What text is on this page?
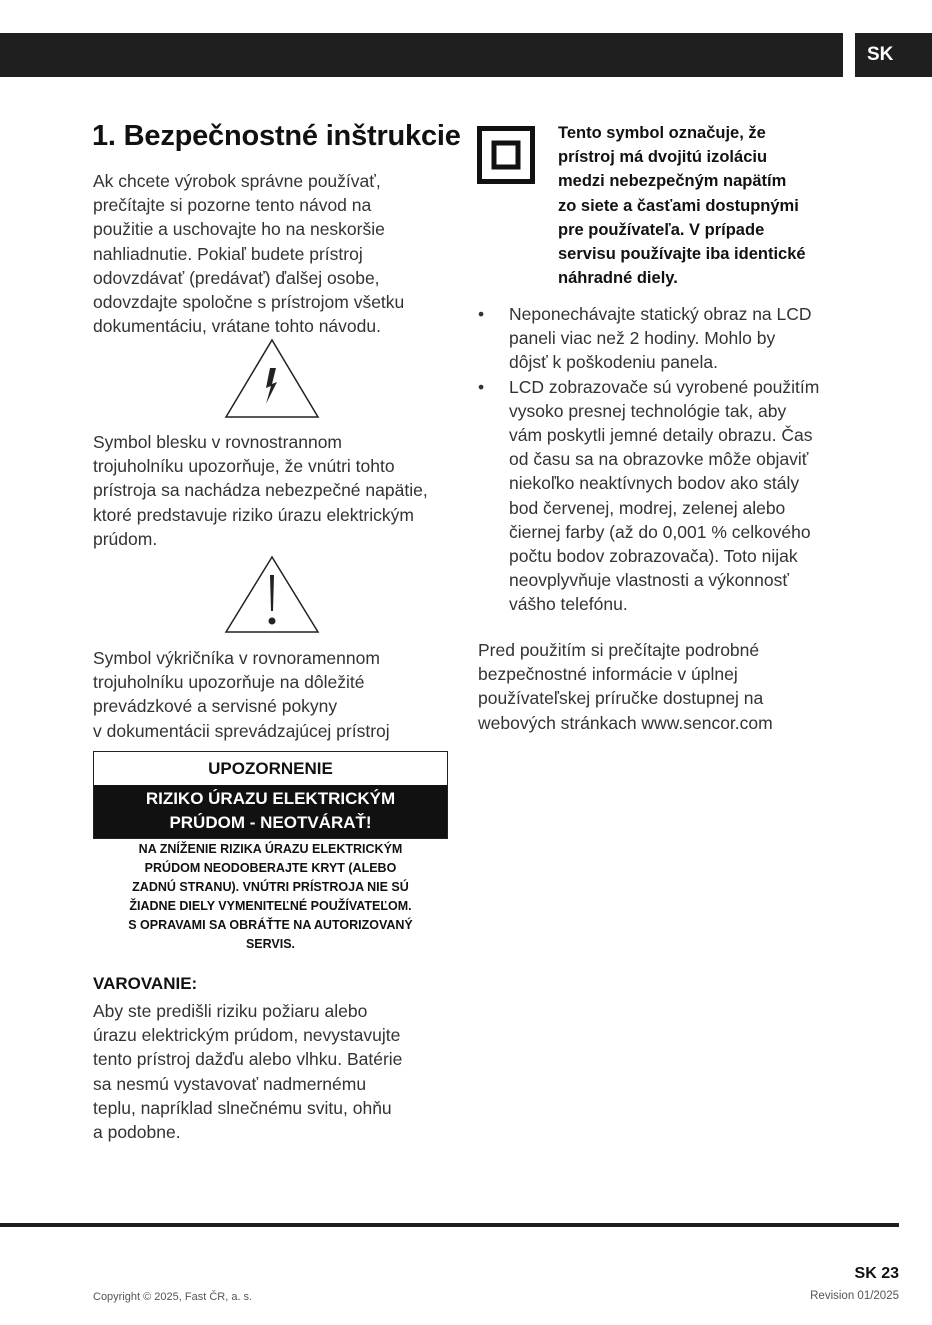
SK
1. Bezpečnostné inštrukcie

Ak chcete výrobok správne používať,
prečítajte si pozorne tento návod na
použitie a uschovajte ho na neskoršie
nahliadnutie. Pokiaľ budete prístroj
odovzdávať (predávať) ďalšej osobe,
odovzdajte spoločne s prístrojom všetku
dokumentáciu, vrátane tohto návodu.

Symbol blesku v rovnostrannom
trojuholníku upozorňuje, že vnútri tohto
prístroja sa nachádza nebezpečné napätie,
ktoré predstavuje riziko úrazu elektrickým
prúdom.

Symbol výkričníka v rovnoramennom
trojuholníku upozorňuje na dôležité
prevádzkové a servisné pokyny
v dokumentácii sprevádzajúcej prístroj

UPOZORNENIE
RIZIKO ÚRAZU ELEKTRICKÝM
PRÚDOM - NEOTVÁRAŤ!
NA ZNÍŽENIE RIZIKA ÚRAZU ELEKTRICKÝM
PRÚDOM NEODOBERAJTE KRYT (ALEBO
ZADNÚ STRANU). VNÚTRI PRÍSTROJA NIE SÚ
ŽIADNE DIELY VYMENITEĽNÉ POUŽÍVATEĽOM.
S OPRAVAMI SA OBRÁŤTE NA AUTORIZOVANÝ
SERVIS.
VAROVANIE:

Aby ste predišli riziku požiaru alebo
úrazu elektrickým prúdom, nevystavujte
tento prístroj dažďu alebo vlhku. Batérie
sa nesmú vystavovať nadmernému
teplu, napríklad slnečnému svitu, ohňu
a podobne.

Tento symbol označuje, že
prístroj má dvojitú izoláciu
medzi nebezpečným napätím
zo siete a časťami dostupnými
pre používateľa. V prípade
servisu používajte iba identické
náhradné diely.

• Neponechávajte statický obraz na LCD
paneli viac než 2 hodiny. Mohlo by
dôjsť k poškodeniu panela.
• LCD zobrazovače sú vyrobené použitím
vysoko presnej technológie tak, aby
vám poskytli jemné detaily obrazu. Čas
od času sa na obrazovke môže objaviť
niekoľko neaktívnych bodov ako stály
bod červenej, modrej, zelenej alebo
čiernej farby (až do 0,001 % celkového
počtu bodov zobrazovača). Toto nijak
neovplyvňuje vlastnosti a výkonnosť
vášho telefónu.

Pred použitím si prečítajte podrobné
bezpečnostné informácie v úplnej
používateľskej príručke dostupnej na
webových stránkach www.sencor.com

SK 23
Copyright © 2025, Fast ČR, a. s.	Revision 01/2025
